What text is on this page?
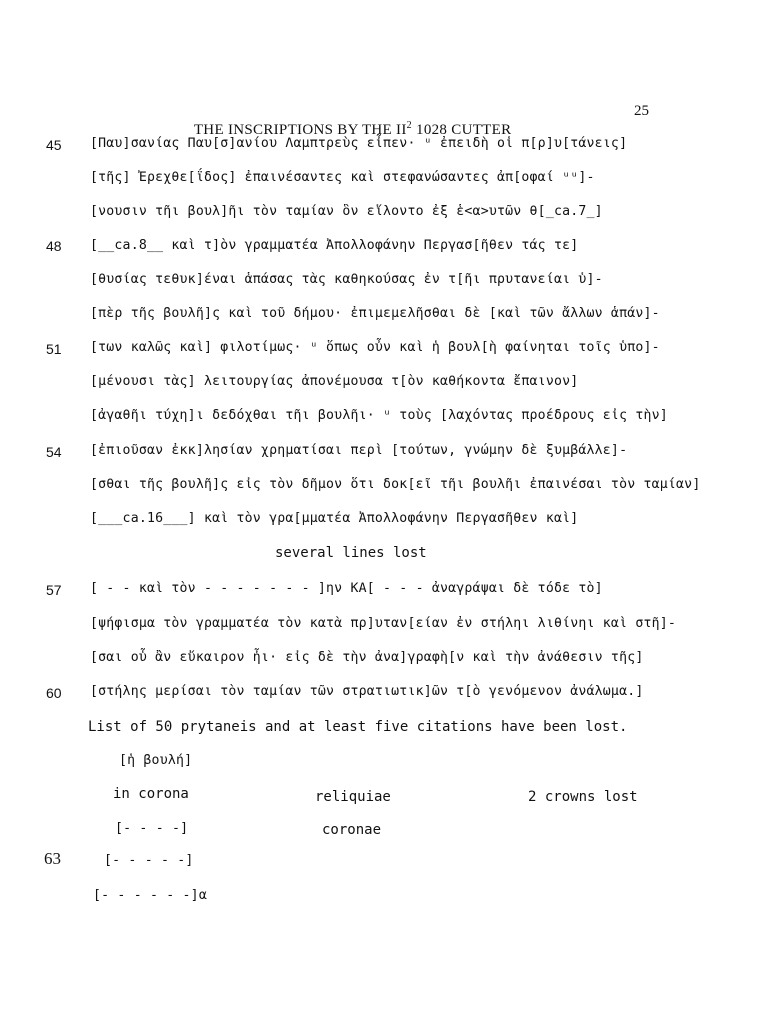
THE INSCRIPTIONS BY THE $II^2$ 1028 CUTTER

25
45
48
51
54
57
60
63
[Παυ]σανίας Παυ[σ]ανίου Λαμπτρεὺς εἶπεν· ᵘ ἐπειδὴ οἱ π[ρ]υ[τάνεις]
[τῆς] Ἐρεχθε[ΐδος] ἐπαινέσαντες καὶ στεφανώσαντες ἀπ[οφαί ᵘᵘ]-
[νουσιν τῆι βουλ]ῆι τὸν ταμίαν ὃν εἵλοντο ἐξ ἑ<α>υτῶν θ[_ca.7_]
[__ca.8__ καὶ τ]ὸν γραμματέα Ἀπολλοφάνην Περγασ[ῆθεν τάς τε]
[θυσίας τεθυκ]έναι ἁπάσας τὰς καθηκούσας ἐν τ[ῆι πρυτανείαι ὑ]-
[πὲρ τῆς βουλῆ]ς καὶ τοῦ δήμου· ἐπιμεμελῆσθαι δὲ [καὶ τῶν ἄλλων ἁπάν]-
[των καλῶς καὶ] φιλοτίμως· ᵘ ὅπως οὖν καὶ ἡ βουλ[ὴ φαίνηται τοῖς ὑπο]-
[μένουσι τὰς] λειτουργίας ἀπονέμουσα τ[ὸν καθήκοντα ἔπαινον]
[ἀγαθῆι τύχη]ι δεδόχθαι τῆι βουλῆι· ᵘ τοὺς [λαχόντας προέδρους εἰς τὴν]
[ἐπιοῦσαν ἐκκ]λησίαν χρηματίσαι περὶ [τούτων, γνώμην δὲ ξυμβάλλε]-
[σθαι τῆς βουλῆ]ς εἰς τὸν δῆμον ὅτι δοκ[εῖ τῆι βουλῆι ἐπαινέσαι τὸν ταμίαν]
[___ca.16___] καὶ τὸν γρα[μματέα Ἀπολλοφάνην Περγασῆθεν καὶ]
several lines lost
[ - - καὶ τὸν - - - - - - - ]ην ΚΑ[ - - - ἀναγράψαι δὲ τόδε τὸ]
[ψήφισμα τὸν γραμματέα τὸν κατὰ πρ]υταν[είαν ἐν στήληι λιθίνηι καὶ στῆ]-
[σαι οὗ ἂν εὔκαιρον ἦι· εἰς δὲ τὴν ἀνα]γραφὴ[ν καὶ τὴν ἀνάθεσιν τῆς]
[στήλης μερίσαι τὸν ταμίαν τῶν στρατιωτικ]ῶν τ[ὸ γενόμενον ἀνάλωμα.]
List of 50 prytaneis and at least five citations have been lost.
[ἡ βουλή]
in corona	reliquiae	2 crowns lost
[- - - -]	coronae
[- - - - -]
[- - - - - -]α
